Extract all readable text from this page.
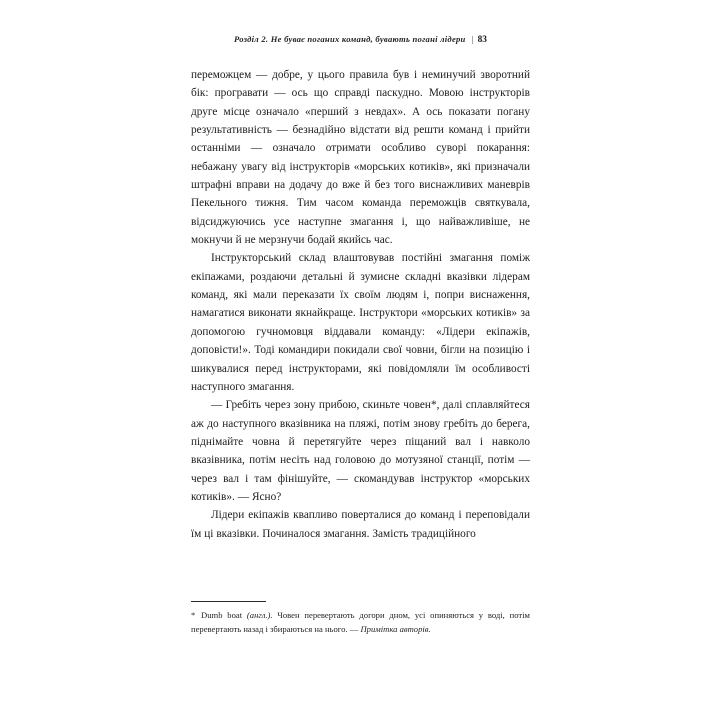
Розділ 2. Не буває поганих команд, бувають погані лідери | 83

переможцем — добре, у цього правила був і неминучий зворотний бік: програвати — ось що справді паскудно. Мовою інструкторів друге місце означало «перший з невдах». А ось показати погану результативність — безнадійно відстати від решти команд і прийти останніми — означало отримати особливо суворі покарання: небажану увагу від інструкторів «морських котиків», які призначали штрафні вправи на додачу до вже й без того виснажливих маневрів Пекельного тижня. Тим часом команда переможців святкувала, відсиджуючись усе наступне змагання і, що найважливіше, не мокнучи й не мерзнучи бодай якийсь час.

Інструкторський склад влаштовував постійні змагання поміж екіпажами, роздаючи детальні й зумисне складні вказівки лідерам команд, які мали переказати їх своїм людям і, попри виснаження, намагатися виконати якнайкраще. Інструктори «морських котиків» за допомогою гучномовця віддавали команду: «Лідери екіпажів, доповісти!». Тоді командири покидали свої човни, бігли на позицію і шикувалися перед інструкторами, які повідомляли їм особливості наступного змагання.

— Гребіть через зону прибою, скиньте човен*, далі сплавляйтеся аж до наступного вказівника на пляжі, потім знову гребіть до берега, піднімайте човна й перетягуйте через піщаний вал і навколо вказівника, потім несіть над головою до мотузяної станції, потім — через вал і там фінішуйте, — скомандував інструктор «морських котиків». — Ясно?

Лідери екіпажів квапливо поверталися до команд і переповідали їм ці вказівки. Починалося змагання. Замість традиційного

* Dumb boat (англ.). Човен перевертають догори дном, усі опиняються у воді, потім перевертають назад і збираються на нього. — Примітка авторів.
